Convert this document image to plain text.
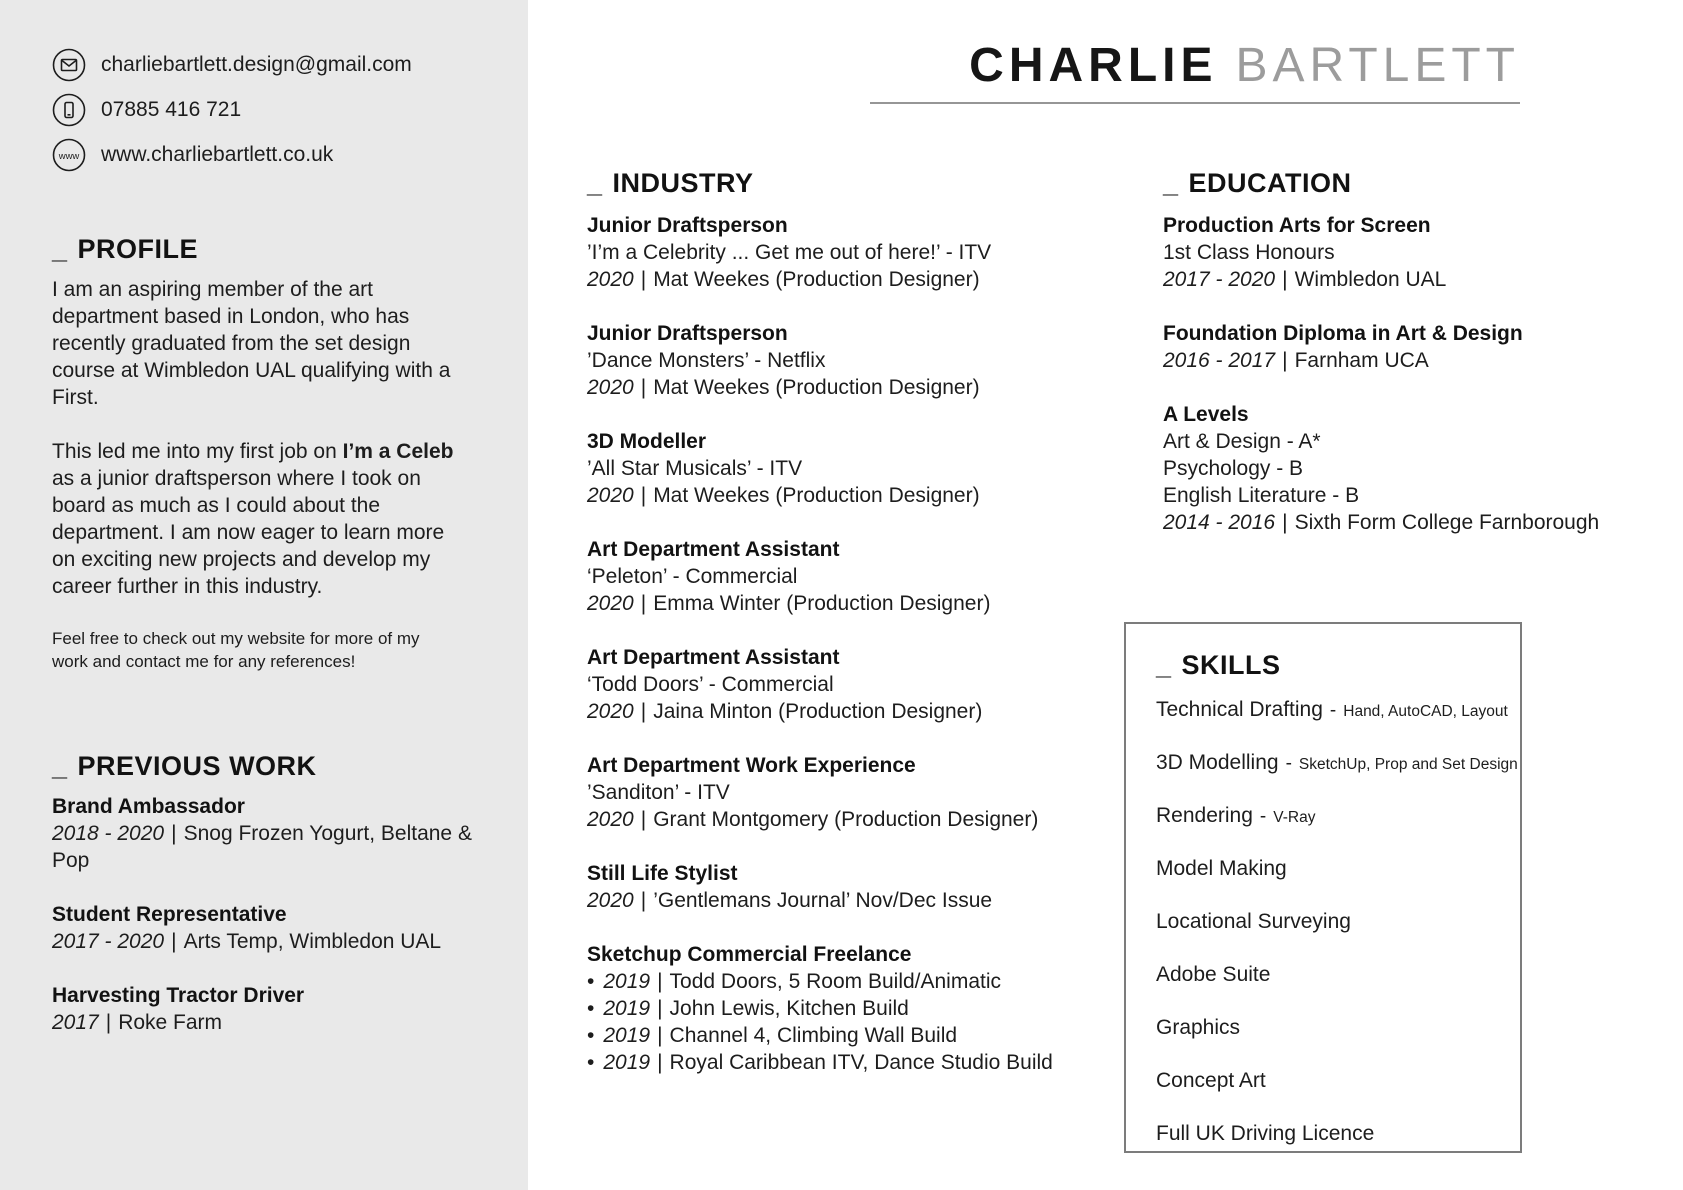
charliebartlett.design@gmail.com
07885 416 721
www www.charliebartlett.co.uk
_ PROFILE

I am an aspiring member of the art department based in London, who has recently graduated from the set design course at Wimbledon UAL qualifying with a First.

This led me into my first job on I’m a Celeb as a junior draftsperson where I took on board as much as I could about the department. I am now eager to learn more on exciting new projects and develop my career further in this industry.

Feel free to check out my website for more of my work and contact me for any references!

_ PREVIOUS WORK
Brand Ambassador
2018 - 2020 | Snog Frozen Yogurt, Beltane & Pop
Student Representative
2017 - 2020 | Arts Temp, Wimbledon UAL
Harvesting Tractor Driver
2017 | Roke Farm
CHARLIE BARTLETT
_ INDUSTRY
Junior Draftsperson
’I’m a Celebrity ... Get me out of here!’ - ITV
2020 | Mat Weekes (Production Designer)
Junior Draftsperson
’Dance Monsters’ - Netflix
2020 | Mat Weekes (Production Designer)
3D Modeller
’All Star Musicals’ - ITV
2020 | Mat Weekes (Production Designer)
Art Department Assistant
‘Peleton’ - Commercial
2020 | Emma Winter (Production Designer)
Art Department Assistant
‘Todd Doors’ - Commercial
2020 | Jaina Minton (Production Designer)
Art Department Work Experience
’Sanditon’ - ITV
2020 | Grant Montgomery (Production Designer)
Still Life Stylist
2020 | ’Gentlemans Journal’ Nov/Dec Issue
Sketchup Commercial Freelance
• 2019 | Todd Doors, 5 Room Build/Animatic
• 2019 | John Lewis, Kitchen Build
• 2019 | Channel 4, Climbing Wall Build
• 2019 | Royal Caribbean ITV, Dance Studio Build
_ EDUCATION
Production Arts for Screen
1st Class Honours
2017 - 2020 | Wimbledon UAL
Foundation Diploma in Art & Design
2016 - 2017 | Farnham UCA
A Levels
Art & Design - A*
Psychology - B
English Literature - B
2014 - 2016 | Sixth Form College Farnborough
_ SKILLS
Technical Drafting - Hand, AutoCAD, Layout
3D Modelling - SketchUp, Prop and Set Design
Rendering - V-Ray
Model Making
Locational Surveying
Adobe Suite
Graphics
Concept Art
Full UK Driving Licence
